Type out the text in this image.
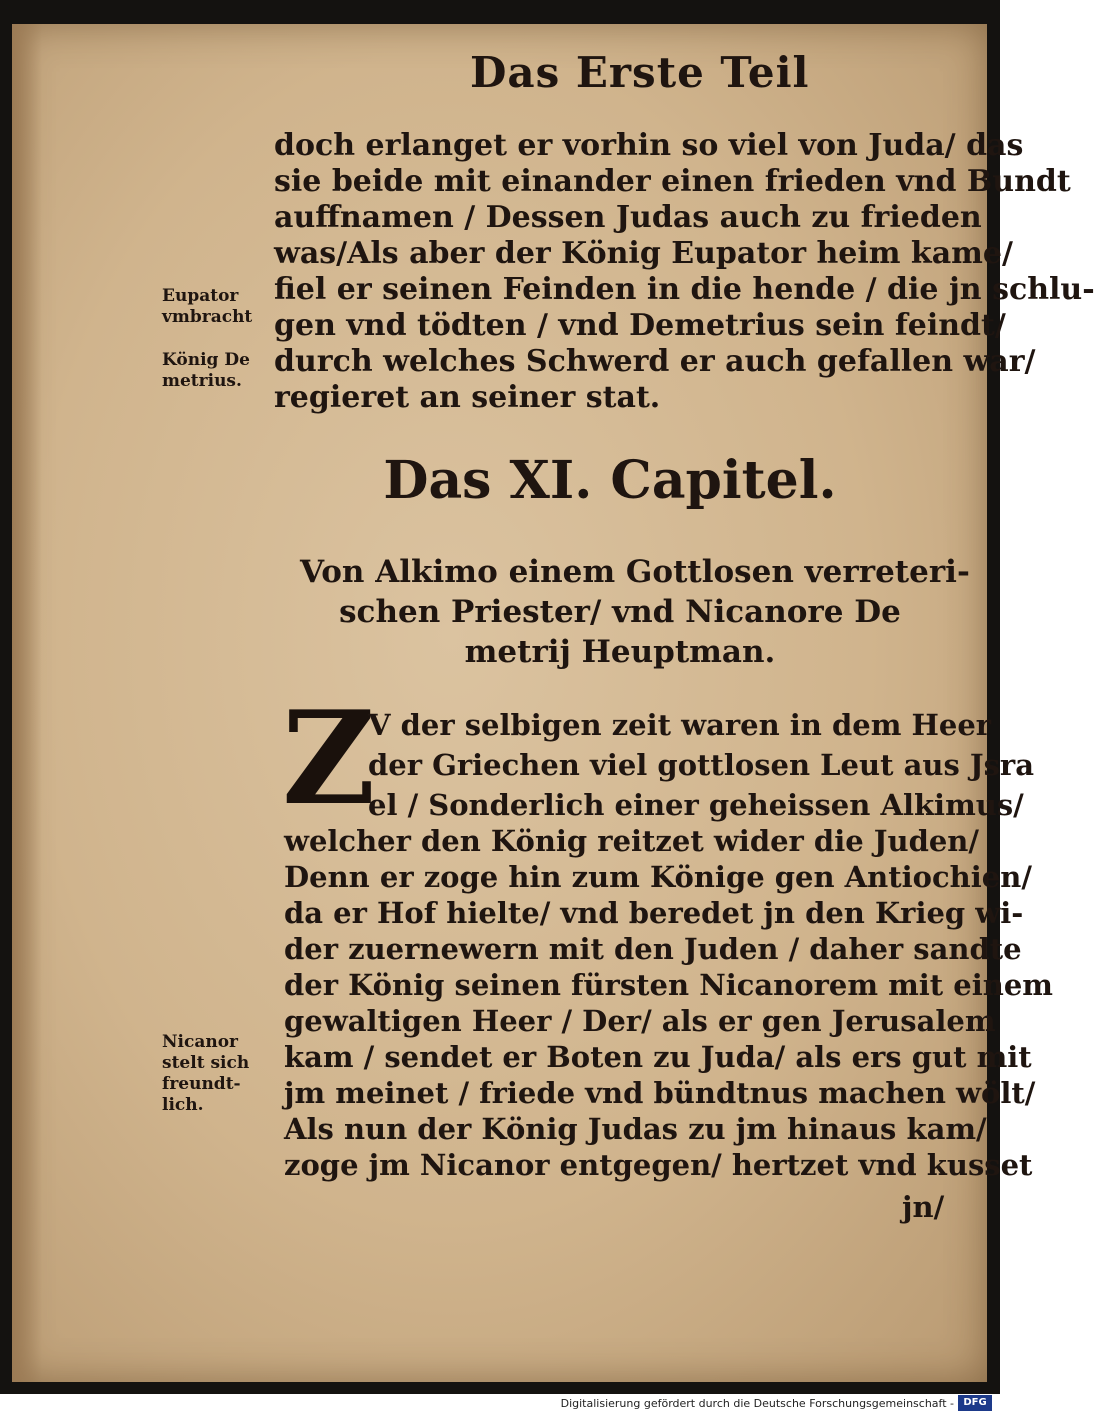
Das Erste Teil
doch erlanget er vorhin so viel von Juda/ das
sie beide mit einander einen frieden vnd Bundt
auffnamen / Dessen Judas auch zu frieden
was/Als aber der König Eupator heim kame/
fiel er seinen Feinden in die hende / die jn schlu-
gen vnd tödten / vnd Demetrius sein feindt/
durch welches Schwerd er auch gefallen war/
regieret an seiner stat.
Eupator
vmbracht
König De
metrius.
Das XI. Capitel.
Von Alkimo einem Gottlosen verreteri-
schen Priester/ vnd Nicanore De
metrij Heuptman.
Z
V der selbigen zeit waren in dem Heer
der Griechen viel gottlosen Leut aus Jsra
el / Sonderlich einer geheissen Alkimus/
welcher den König reitzet wider die Juden/
Denn er zoge hin zum Könige gen Antiochien/
da er Hof hielte/ vnd beredet jn den Krieg wi-
der zuernewern mit den Juden / daher sandte
der König seinen fürsten Nicanorem mit einem
gewaltigen Heer / Der/ als er gen Jerusalem
kam / sendet er Boten zu Juda/ als ers gut mit
jm meinet / friede vnd bündtnus machen wölt/
Als nun der König Judas zu jm hinaus kam/
zoge jm Nicanor entgegen/ hertzet vnd kusset
jn/
Nicanor
stelt sich
freundt-
lich.
Digitalisierung gefördert durch die Deutsche Forschungsgemeinschaft - DFG
